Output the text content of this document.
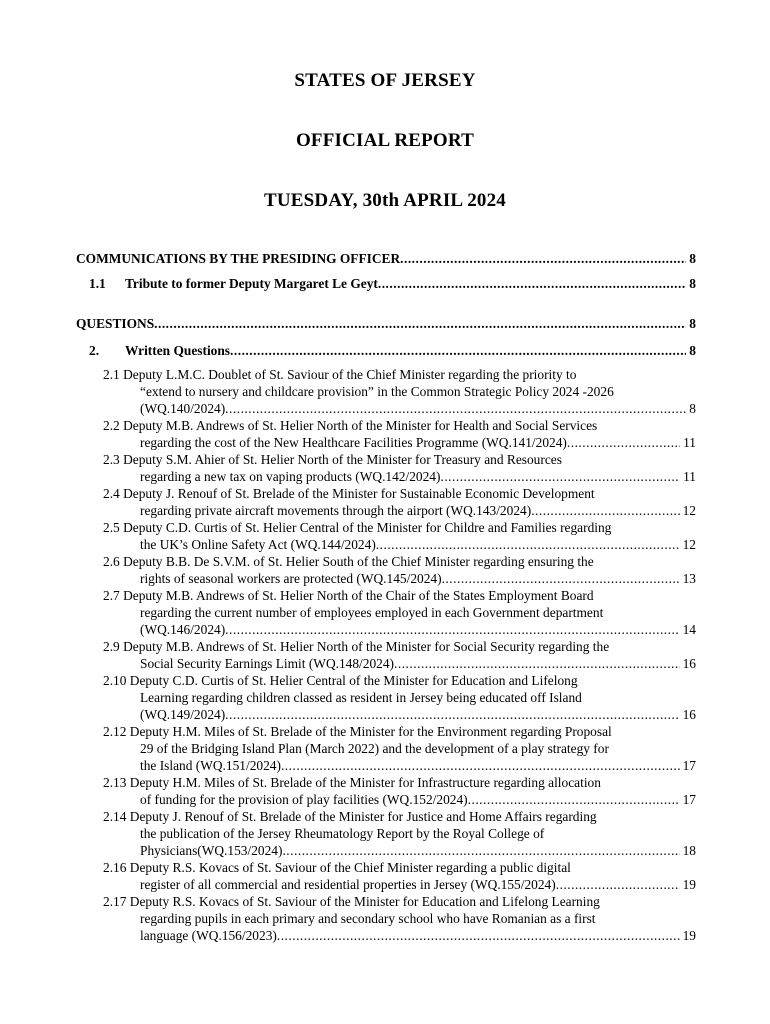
STATES OF JERSEY
OFFICIAL REPORT
TUESDAY, 30th APRIL 2024
COMMUNICATIONS BY THE PRESIDING OFFICER .....	8
1.1	Tribute to former Deputy Margaret Le Geyt .....	8
QUESTIONS .....	8
2.	Written Questions .....	8
2.1 Deputy L.M.C. Doublet of St. Saviour of the Chief Minister regarding the priority to
“extend to nursery and childcare provision” in the Common Strategic Policy 2024 -2026
(WQ.140/2024) .....	8
2.2 Deputy M.B. Andrews of St. Helier North of the Minister for Health and Social Services
regarding the cost of the New Healthcare Facilities Programme (WQ.141/2024) .....	11
2.3 Deputy S.M. Ahier of St. Helier North of the Minister for Treasury and Resources
regarding a new tax on vaping products (WQ.142/2024) .....	11
2.4 Deputy J. Renouf of St. Brelade of the Minister for Sustainable Economic Development
regarding private aircraft movements through the airport (WQ.143/2024) .....	12
2.5 Deputy C.D. Curtis of St. Helier Central of the Minister for Childre and Families regarding
the UK’s Online Safety Act (WQ.144/2024) .....	12
2.6 Deputy B.B. De S.V.M. of St. Helier South of the Chief Minister regarding ensuring the
rights of seasonal workers are protected (WQ.145/2024) .....	13
2.7 Deputy M.B. Andrews of St. Helier North of the Chair of the States Employment Board
regarding the current number of employees employed in each Government department
(WQ.146/2024) .....	14
2.9 Deputy M.B. Andrews of St. Helier North of the Minister for Social Security regarding the
Social Security Earnings Limit (WQ.148/2024) .....	16
2.10 Deputy C.D. Curtis of St. Helier Central of the Minister for Education and Lifelong
Learning regarding children classed as resident in Jersey being educated off Island
(WQ.149/2024) .....	16
2.12 Deputy H.M. Miles of St. Brelade of the Minister for the Environment regarding Proposal
29 of the Bridging Island Plan (March 2022) and the development of a play strategy for
the Island (WQ.151/2024) .....	17
2.13 Deputy H.M. Miles of St. Brelade of the Minister for Infrastructure regarding allocation
of funding for the provision of play facilities (WQ.152/2024) .....	17
2.14 Deputy J. Renouf of St. Brelade of the Minister for Justice and Home Affairs regarding
the publication of the Jersey Rheumatology Report by the Royal College of
Physicians(WQ.153/2024) .....	18
2.16 Deputy R.S. Kovacs of St. Saviour of the Chief Minister regarding a public digital
register of all commercial and residential properties in Jersey (WQ.155/2024) .....	19
2.17 Deputy R.S. Kovacs of St. Saviour of the Minister for Education and Lifelong Learning
regarding pupils in each primary and secondary school who have Romanian as a first
language (WQ.156/2023) .....	19
